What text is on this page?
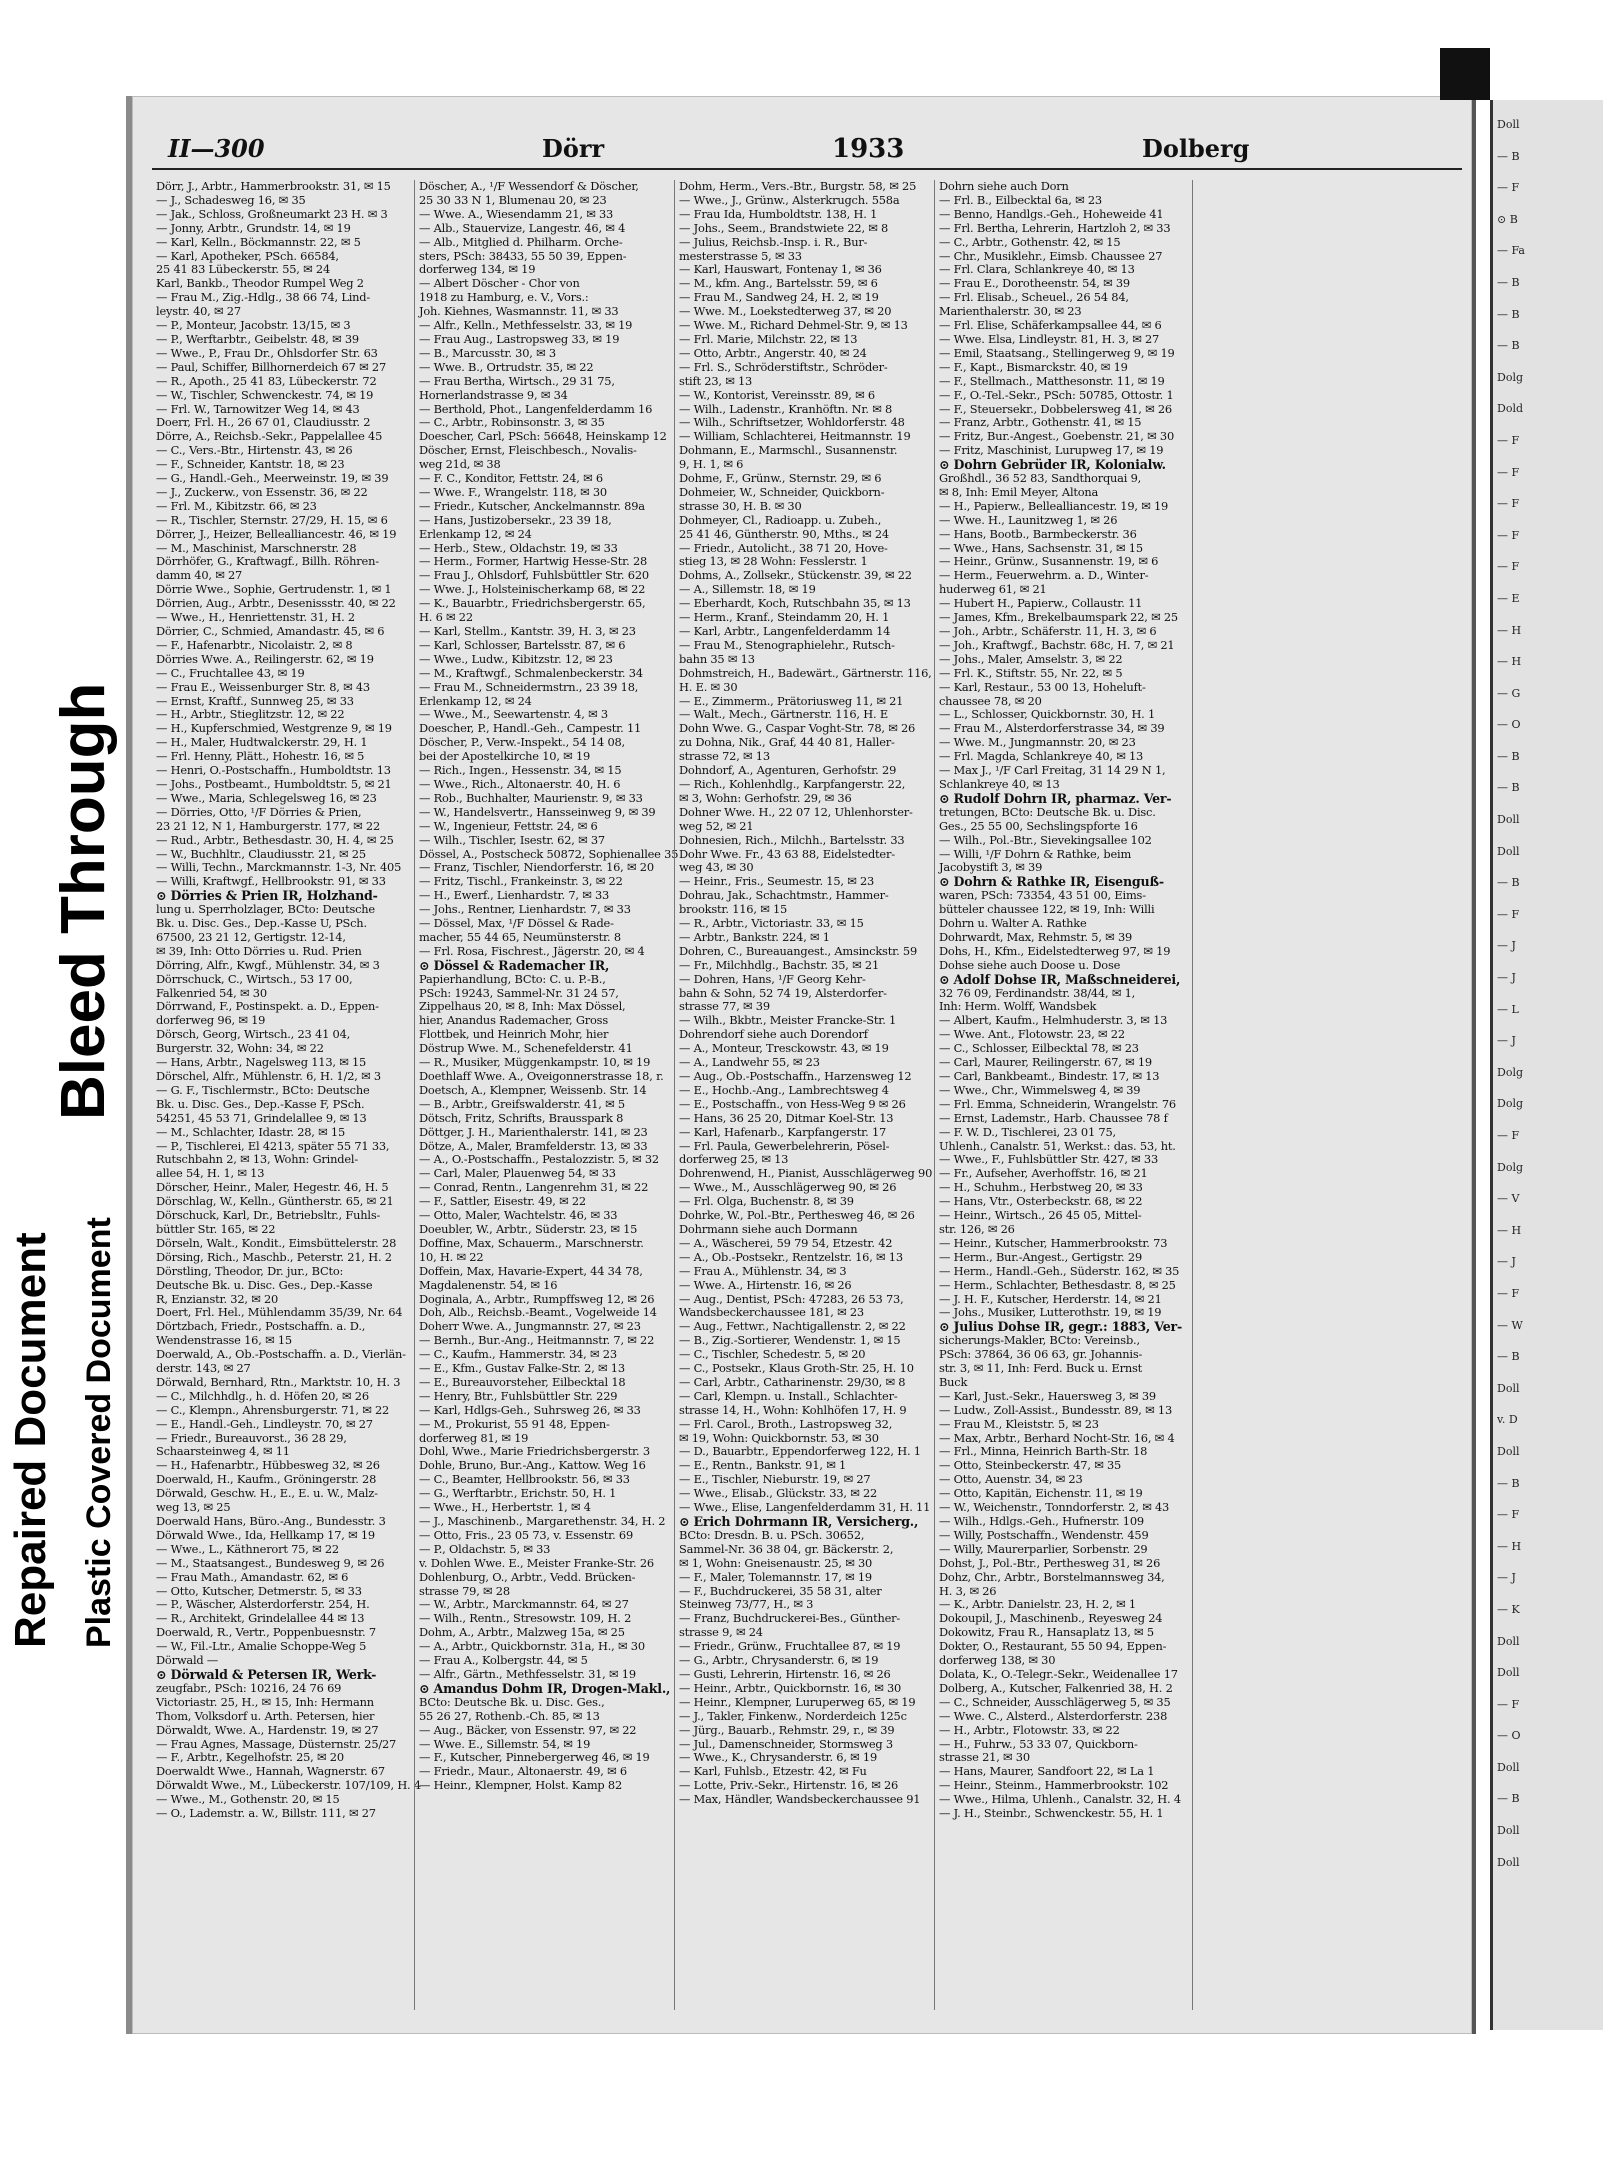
Bleed Through
Repaired Document Plastic Covered Document
II—300	Dörr	1933	Dolberg
Dörr, J., Arbtr., Hammerbrookstr. 31, ✉ 15
— J., Schadesweg 16, ✉ 35
— Jak., Schloss, Großneumarkt 23 H. ✉ 3
— Jonny, Arbtr., Grundstr. 14, ✉ 19
— Karl, Kelln., Böckmannstr. 22, ✉ 5
— Karl, Apotheker, PSch. 66584,
25 41 83 Lübeckerstr. 55, ✉ 24
Karl, Bankb., Theodor Rumpel Weg 2
— Frau M., Zig.-Hdlg., 38 66 74, Lind-
leystr. 40, ✉ 27
— P., Monteur, Jacobstr. 13/15, ✉ 3
— P., Werftarbtr., Geibelstr. 48, ✉ 39
— Wwe., P., Frau Dr., Ohlsdorfer Str. 63
— Paul, Schiffer, Billhornerdeich 67 ✉ 27
— R., Apoth., 25 41 83, Lübeckerstr. 72
— W., Tischler, Schwenckestr. 74, ✉ 19
— Frl. W., Tarnowitzer Weg 14, ✉ 43
Doerr, Frl. H., 26 67 01, Claudiusstr. 2
Dörre, A., Reichsb.-Sekr., Pappelallee 45
— C., Vers.-Btr., Hirtenstr. 43, ✉ 26
— F., Schneider, Kantstr. 18, ✉ 23
— G., Handl.-Geh., Meerweinstr. 19, ✉ 39
— J., Zuckerw., von Essenstr. 36, ✉ 22
— Frl. M., Kibitzstr. 66, ✉ 23
— R., Tischler, Sternstr. 27/29, H. 15, ✉ 6
Dörrer, J., Heizer, Bellealliancestr. 46, ✉ 19
— M., Maschinist, Marschnerstr. 28
Dörrhöfer, G., Kraftwagf., Billh. Röhren-
damm 40, ✉ 27
Dörrie Wwe., Sophie, Gertrudenstr. 1, ✉ 1
Dörrien, Aug., Arbtr., Desenissstr. 40, ✉ 22
— Wwe., H., Henriettenstr. 31, H. 2
Dörrier, C., Schmied, Amandastr. 45, ✉ 6
— F., Hafenarbtr., Nicolaistr. 2, ✉ 8
Dörries Wwe. A., Reilingerstr. 62, ✉ 19
— C., Fruchtallee 43, ✉ 19
— Frau E., Weissenburger Str. 8, ✉ 43
— Ernst, Kraftf., Sunnweg 25, ✉ 33
— H., Arbtr., Stieglitzstr. 12, ✉ 22
— H., Kupferschmied, Westgrenze 9, ✉ 19
— H., Maler, Hudtwalckerstr. 29, H. 1
— Frl. Henny, Plätt., Hohestr. 16, ✉ 5
— Henri, O.-Postschaffn., Humboldtstr. 13
— Johs., Postbeamt., Humboldtstr. 5, ✉ 21
— Wwe., Maria, Schlegelsweg 16, ✉ 23
— Dörries, Otto, ¹/F Dörries & Prien,
23 21 12, N 1, Hamburgerstr. 177, ✉ 22
— Rud., Arbtr., Bethesdastr. 30, H. 4, ✉ 25
— W., Buchhltr., Claudiusstr. 21, ✉ 25
— Willi, Techn., Marckmannstr. 1-3, Nr. 405
— Willi, Kraftwgf., Hellbrookstr. 91, ✉ 33
⊙ Dörries & Prien IR, Holzhand-
lung u. Sperrholzlager, BCto: Deutsche
Bk. u. Disc. Ges., Dep.-Kasse U, PSch.
67500, 23 21 12, Gertigstr. 12-14,
✉ 39, Inh: Otto Dörries u. Rud. Prien
Dörring, Alfr., Kwgf., Mühlenstr. 34, ✉ 3
Dörrschuck, C., Wirtsch., 53 17 00,
Falkenried 54, ✉ 30
Dörrwand, F., Postinspekt. a. D., Eppen-
dorferweg 96, ✉ 19
Dörsch, Georg, Wirtsch., 23 41 04,
Burgerstr. 32, Wohn: 34, ✉ 22
— Hans, Arbtr., Nagelsweg 113, ✉ 15
Dörschel, Alfr., Mühlenstr. 6, H. 1/2, ✉ 3
— G. F., Tischlermstr., BCto: Deutsche
Bk. u. Disc. Ges., Dep.-Kasse F, PSch.
54251, 45 53 71, Grindelallee 9, ✉ 13
— M., Schlachter, Idastr. 28, ✉ 15
— P., Tischlerei, El 4213, später 55 71 33,
Rutschbahn 2, ✉ 13, Wohn: Grindel-
allee 54, H. 1, ✉ 13
Dörscher, Heinr., Maler, Hegestr. 46, H. 5
Dörschlag, W., Kelln., Güntherstr. 65, ✉ 21
Dörschuck, Karl, Dr., Betriebsltr., Fuhls-
büttler Str. 165, ✉ 22
Dörseln, Walt., Kondit., Eimsbüttelerstr. 28
Dörsing, Rich., Maschb., Peterstr. 21, H. 2
Dörstling, Theodor, Dr. jur., BCto:
Deutsche Bk. u. Disc. Ges., Dep.-Kasse
R, Enzianstr. 32, ✉ 20
Doert, Frl. Hel., Mühlendamm 35/39, Nr. 64
Dörtzbach, Friedr., Postschaffn. a. D.,
Wendenstrasse 16, ✉ 15
Doerwald, A., Ob.-Postschaffn. a. D., Vierlän-
derstr. 143, ✉ 27
Dörwald, Bernhard, Rtn., Marktstr. 10, H. 3
— C., Milchhdlg., h. d. Höfen 20, ✉ 26
— C., Klempn., Ahrensburgerstr. 71, ✉ 22
— E., Handl.-Geh., Lindleystr. 70, ✉ 27
— Friedr., Bureauvorst., 36 28 29,
Schaarsteinweg 4, ✉ 11
— H., Hafenarbtr., Hübbesweg 32, ✉ 26
Doerwald, H., Kaufm., Gröningerstr. 28
Dörwald, Geschw. H., E., E. u. W., Malz-
weg 13, ✉ 25
Doerwald Hans, Büro.-Ang., Bundesstr. 3
Dörwald Wwe., Ida, Hellkamp 17, ✉ 19
— Wwe., L., Käthnerort 75, ✉ 22
— M., Staatsangest., Bundesweg 9, ✉ 26
— Frau Math., Amandastr. 62, ✉ 6
— Otto, Kutscher, Detmerstr. 5, ✉ 33
— P., Wäscher, Alsterdorferstr. 254, H.
— R., Architekt, Grindelallee 44 ✉ 13
Doerwald, R., Vertr., Poppenbuesnstr. 7
— W., Fil.-Ltr., Amalie Schoppe-Weg 5
Dörwald —
⊙ Dörwald & Petersen IR, Werk-
zeugfabr., PSch: 10216, 24 76 69
Victoriastr. 25, H., ✉ 15, Inh: Hermann
Thom, Volksdorf u. Arth. Petersen, hier
Dörwaldt, Wwe. A., Hardenstr. 19, ✉ 27
— Frau Agnes, Massage, Düsternstr. 25/27
— F., Arbtr., Kegelhofstr. 25, ✉ 20
Doerwaldt Wwe., Hannah, Wagnerstr. 67
Dörwaldt Wwe., M., Lübeckerstr. 107/109, H. 4
— Wwe., M., Gothenstr. 20, ✉ 15
— O., Lademstr. a. W., Billstr. 111, ✉ 27
Döscher, A., ¹/F Wessendorf & Döscher,
25 30 33 N 1, Blumenau 20, ✉ 23
— Wwe. A., Wiesendamm 21, ✉ 33
— Alb., Stauervize, Langestr. 46, ✉ 4
— Alb., Mitglied d. Philharm. Orche-
sters, PSch: 38433, 55 50 39, Eppen-
dorferweg 134, ✉ 19
— Albert Döscher - Chor von
1918 zu Hamburg, e. V., Vors.:
Joh. Kiehnes, Wasmannstr. 11, ✉ 33
— Alfr., Kelln., Methfesselstr. 33, ✉ 19
— Frau Aug., Lastropsweg 33, ✉ 19
— B., Marcusstr. 30, ✉ 3
— Wwe. B., Ortrudstr. 35, ✉ 22
— Frau Bertha, Wirtsch., 29 31 75,
Hornerlandstrasse 9, ✉ 34
— Berthold, Phot., Langenfelderdamm 16
— C., Arbtr., Robinsonstr. 3, ✉ 35
Doescher, Carl, PSch: 56648, Heinskamp 12
Döscher, Ernst, Fleischbesch., Novalis-
weg 21d, ✉ 38
— F. C., Konditor, Fettstr. 24, ✉ 6
— Wwe. F., Wrangelstr. 118, ✉ 30
— Friedr., Kutscher, Anckelmannstr. 89a
— Hans, Justizobersekr., 23 39 18,
Erlenkamp 12, ✉ 24
— Herb., Stew., Oldachstr. 19, ✉ 33
— Herm., Former, Hartwig Hesse-Str. 28
— Frau J., Ohlsdorf, Fuhlsbüttler Str. 620
— Wwe. J., Holsteinischerkamp 68, ✉ 22
— K., Bauarbtr., Friedrichsbergerstr. 65,
H. 6 ✉ 22
— Karl, Stellm., Kantstr. 39, H. 3, ✉ 23
— Karl, Schlosser, Bartelsstr. 87, ✉ 6
— Wwe., Ludw., Kibitzstr. 12, ✉ 23
— M., Kraftwgf., Schmalenbeckerstr. 34
— Frau M., Schneidermstrn., 23 39 18,
Erlenkamp 12, ✉ 24
— Wwe., M., Seewartenstr. 4, ✉ 3
Doescher, P., Handl.-Geh., Campestr. 11
Döscher, P., Verw.-Inspekt., 54 14 08,
bei der Apostelkirche 10, ✉ 19
— Rich., Ingen., Hessenstr. 34, ✉ 15
— Wwe., Rich., Altonaerstr. 40, H. 6
— Rob., Buchhalter, Maurienstr. 9, ✉ 33
— W., Handelsvertr., Hansseinweg 9, ✉ 39
— W., Ingenieur, Fettstr. 24, ✉ 6
— Wilh., Tischler, Isestr. 62, ✉ 37
Dössel, A., Postscheck 50872, Sophienallee 35
— Franz, Tischler, Niendorferstr. 16, ✉ 20
— Fritz, Tischl., Frankeinstr. 3, ✉ 22
— H., Ewerf., Lienhardstr. 7, ✉ 33
— Johs., Rentner, Lienhardstr. 7, ✉ 33
— Dössel, Max, ¹/F Dössel & Rade-
macher, 55 44 65, Neumünsterstr. 8
— Frl. Rosa, Fischrest., Jägerstr. 20, ✉ 4
⊙ Dössel & Rademacher IR,
Papierhandlung, BCto: C. u. P.-B.,
PSch: 19243, Sammel-Nr. 31 24 57,
Zippelhaus 20, ✉ 8, Inh: Max Dössel,
hier, Anandus Rademacher, Gross
Flottbek, und Heinrich Mohr, hier
Döstrup Wwe. M., Schenefelderstr. 41
— R., Musiker, Müggenkampstr. 10, ✉ 19
Doethlaff Wwe. A., Oveigonnerstrasse 18, r.
Doetsch, A., Klempner, Weissenb. Str. 14
— B., Arbtr., Greifswalderstr. 41, ✉ 5
Dötsch, Fritz, Schrifts, Brausspark 8
Döttger, J. H., Marienthalerstr. 141, ✉ 23
Dötze, A., Maler, Bramfelderstr. 13, ✉ 33
— A., O.-Postschaffn., Pestalozzistr. 5, ✉ 32
— Carl, Maler, Plauenweg 54, ✉ 33
— Conrad, Rentn., Langenrehm 31, ✉ 22
— F., Sattler, Eisestr. 49, ✉ 22
— Otto, Maler, Wachtelstr. 46, ✉ 33
Doeubler, W., Arbtr., Süderstr. 23, ✉ 15
Doffine, Max, Schauerm., Marschnerstr.
10, H. ✉ 22
Doffein, Max, Havarie-Expert, 44 34 78,
Magdalenenstr. 54, ✉ 16
Doginala, A., Arbtr., Rumpffsweg 12, ✉ 26
Doh, Alb., Reichsb.-Beamt., Vogelweide 14
Doherr Wwe. A., Jungmannstr. 27, ✉ 23
— Bernh., Bur.-Ang., Heitmannstr. 7, ✉ 22
— C., Kaufm., Hammerstr. 34, ✉ 23
— E., Kfm., Gustav Falke-Str. 2, ✉ 13
— E., Bureauvorsteher, Eilbecktal 18
— Henry, Btr., Fuhlsbüttler Str. 229
— Karl, Hdlgs-Geh., Suhrsweg 26, ✉ 33
— M., Prokurist, 55 91 48, Eppen-
dorferweg 81, ✉ 19
Dohl, Wwe., Marie Friedrichsbergerstr. 3
Dohle, Bruno, Bur.-Ang., Kattow. Weg 16
— C., Beamter, Hellbrookstr. 56, ✉ 33
— G., Werftarbtr., Erichstr. 50, H. 1
— Wwe., H., Herbertstr. 1, ✉ 4
— J., Maschinenb., Margarethenstr. 34, H. 2
— Otto, Fris., 23 05 73, v. Essenstr. 69
— P., Oldachstr. 5, ✉ 33
v. Dohlen Wwe. E., Meister Franke-Str. 26
Dohlenburg, O., Arbtr., Vedd. Brücken-
strasse 79, ✉ 28
— W., Arbtr., Marckmannstr. 64, ✉ 27
— Wilh., Rentn., Stresowstr. 109, H. 2
Dohm, A., Arbtr., Malzweg 15a, ✉ 25
— A., Arbtr., Quickbornstr. 31a, H., ✉ 30
— Frau A., Kolbergstr. 44, ✉ 5
— Alfr., Gärtn., Methfesselstr. 31, ✉ 19
⊙ Amandus Dohm IR, Drogen-Makl.,
BCto: Deutsche Bk. u. Disc. Ges.,
55 26 27, Rothenb.-Ch. 85, ✉ 13
— Aug., Bäcker, von Essenstr. 97, ✉ 22
— Wwe. E., Sillemstr. 54, ✉ 19
— F., Kutscher, Pinnebergerweg 46, ✉ 19
— Friedr., Maur., Altonaerstr. 49, ✉ 6
— Heinr., Klempner, Holst. Kamp 82
Dohm, Herm., Vers.-Btr., Burgstr. 58, ✉ 25
— Wwe., J., Grünw., Alsterkrugch. 558a
— Frau Ida, Humboldtstr. 138, H. 1
— Johs., Seem., Brandstwiete 22, ✉ 8
— Julius, Reichsb.-Insp. i. R., Bur-
mesterstrasse 5, ✉ 33
— Karl, Hauswart, Fontenay 1, ✉ 36
— M., kfm. Ang., Bartelsstr. 59, ✉ 6
— Frau M., Sandweg 24, H. 2, ✉ 19
— Wwe. M., Loekstedterweg 37, ✉ 20
— Wwe. M., Richard Dehmel-Str. 9, ✉ 13
— Frl. Marie, Milchstr. 22, ✉ 13
— Otto, Arbtr., Angerstr. 40, ✉ 24
— Frl. S., Schröderstiftstr., Schröder-
stift 23, ✉ 13
— W., Kontorist, Vereinsstr. 89, ✉ 6
— Wilh., Ladenstr., Kranhöftn. Nr. ✉ 8
— Wilh., Schriftsetzer, Wohldorferstr. 48
— William, Schlachterei, Heitmannstr. 19
Dohmann, E., Marmschl., Susannenstr.
9, H. 1, ✉ 6
Dohme, F., Grünw., Sternstr. 29, ✉ 6
Dohmeier, W., Schneider, Quickborn-
strasse 30, H. B. ✉ 30
Dohmeyer, Cl., Radioapp. u. Zubeh.,
25 41 46, Güntherstr. 90, Mths., ✉ 24
— Friedr., Autolicht., 38 71 20, Hove-
stieg 13, ✉ 28 Wohn: Fesslerstr. 1
Dohms, A., Zollsekr., Stückenstr. 39, ✉ 22
— A., Sillemstr. 18, ✉ 19
— Eberhardt, Koch, Rutschbahn 35, ✉ 13
— Herm., Kranf., Steindamm 20, H. 1
— Karl, Arbtr., Langenfelderdamm 14
— Frau M., Stenographielehr., Rutsch-
bahn 35 ✉ 13
Dohmstreich, H., Badewärt., Gärtnerstr. 116,
H. E. ✉ 30
— E., Zimmerm., Prätoriusweg 11, ✉ 21
— Walt., Mech., Gärtnerstr. 116, H. E
Dohn Wwe. G., Caspar Voght-Str. 78, ✉ 26
zu Dohna, Nik., Graf, 44 40 81, Haller-
strasse 72, ✉ 13
Dohndorf, A., Agenturen, Gerhofstr. 29
— Rich., Kohlenhdlg., Karpfangerstr. 22,
✉ 3, Wohn: Gerhofstr. 29, ✉ 36
Dohner Wwe. H., 22 07 12, Uhlenhorster-
weg 52, ✉ 21
Dohnesien, Rich., Milchh., Bartelsstr. 33
Dohr Wwe. Fr., 43 63 88, Eidelstedter-
weg 43, ✉ 30
— Heinr., Fris., Seumestr. 15, ✉ 23
Dohrau, Jak., Schachtmstr., Hammer-
brookstr. 116, ✉ 15
— R., Arbtr., Victoriastr. 33, ✉ 15
— Arbtr., Bankstr. 224, ✉ 1
Dohren, C., Bureauangest., Amsinckstr. 59
— Fr., Milchhdlg., Bachstr. 35, ✉ 21
— Dohren, Hans, ¹/F Georg Kehr-
bahn & Sohn, 52 74 19, Alsterdorfer-
strasse 77, ✉ 39
— Wilh., Bkbtr., Meister Francke-Str. 1
Dohrendorf siehe auch Dorendorf
— A., Monteur, Tresckowstr. 43, ✉ 19
— A., Landwehr 55, ✉ 23
— Aug., Ob.-Postschaffn., Harzensweg 12
— E., Hochb.-Ang., Lambrechtsweg 4
— E., Postschaffn., von Hess-Weg 9 ✉ 26
— Hans, 36 25 20, Ditmar Koel-Str. 13
— Karl, Hafenarb., Karpfangerstr. 17
— Frl. Paula, Gewerbelehrerin, Pösel-
dorferweg 25, ✉ 13
Dohrenwend, H., Pianist, Ausschlägerweg 90
— Wwe., M., Ausschlägerweg 90, ✉ 26
— Frl. Olga, Buchenstr. 8, ✉ 39
Dohrke, W., Pol.-Btr., Perthesweg 46, ✉ 26
Dohrmann siehe auch Dormann
— A., Wäscherei, 59 79 54, Etzestr. 42
— A., Ob.-Postsekr., Rentzelstr. 16, ✉ 13
— Frau A., Mühlenstr. 34, ✉ 3
— Wwe. A., Hirtenstr. 16, ✉ 26
— Aug., Dentist, PSch: 47283, 26 53 73,
Wandsbeckerchaussee 181, ✉ 23
— Aug., Fettwr., Nachtigallenstr. 2, ✉ 22
— B., Zig.-Sortierer, Wendenstr. 1, ✉ 15
— C., Tischler, Schedestr. 5, ✉ 20
— C., Postsekr., Klaus Groth-Str. 25, H. 10
— Carl, Arbtr., Catharinenstr. 29/30, ✉ 8
— Carl, Klempn. u. Install., Schlachter-
strasse 14, H., Wohn: Kohlhöfen 17, H. 9
— Frl. Carol., Broth., Lastropsweg 32,
✉ 19, Wohn: Quickbornstr. 53, ✉ 30
— D., Bauarbtr., Eppendorferweg 122, H. 1
— E., Rentn., Bankstr. 91, ✉ 1
— E., Tischler, Nieburstr. 19, ✉ 27
— Wwe., Elisab., Glückstr. 33, ✉ 22
— Wwe., Elise, Langenfelderdamm 31, H. 11
⊙ Erich Dohrmann IR, Versicherg.,
BCto: Dresdn. B. u. PSch. 30652,
Sammel-Nr. 36 38 04, gr. Bäckerstr. 2,
✉ 1, Wohn: Gneisenaustr. 25, ✉ 30
— F., Maler, Tolemannstr. 17, ✉ 19
— F., Buchdruckerei, 35 58 31, alter
Steinweg 73/77, H., ✉ 3
— Franz, Buchdruckerei-Bes., Günther-
strasse 9, ✉ 24
— Friedr., Grünw., Fruchtallee 87, ✉ 19
— G., Arbtr., Chrysanderstr. 6, ✉ 19
— Gusti, Lehrerin, Hirtenstr. 16, ✉ 26
— Heinr., Arbtr., Quickbornstr. 16, ✉ 30
— Heinr., Klempner, Luruperweg 65, ✉ 19
— J., Takler, Finkenw., Norderdeich 125c
— Jürg., Bauarb., Rehmstr. 29, r., ✉ 39
— Jul., Damenschneider, Stormsweg 3
— Wwe., K., Chrysanderstr. 6, ✉ 19
— Karl, Fuhlsb., Etzestr. 42, ✉ Fu
— Lotte, Priv.-Sekr., Hirtenstr. 16, ✉ 26
— Max, Händler, Wandsbeckerchaussee 91
Dohrn siehe auch Dorn
— Frl. B., Eilbecktal 6a, ✉ 23
— Benno, Handlgs.-Geh., Hoheweide 41
— Frl. Bertha, Lehrerin, Hartzloh 2, ✉ 33
— C., Arbtr., Gothenstr. 42, ✉ 15
— Chr., Musiklehr., Eimsb. Chaussee 27
— Frl. Clara, Schlankreye 40, ✉ 13
— Frau E., Dorotheenstr. 54, ✉ 39
— Frl. Elisab., Scheuel., 26 54 84,
Marienthalerstr. 30, ✉ 23
— Frl. Elise, Schäferkampsallee 44, ✉ 6
— Wwe. Elsa, Lindleystr. 81, H. 3, ✉ 27
— Emil, Staatsang., Stellingerweg 9, ✉ 19
— F., Kapt., Bismarckstr. 40, ✉ 19
— F., Stellmach., Matthesonstr. 11, ✉ 19
— F., O.-Tel.-Sekr., PSch: 50785, Ottostr. 1
— F., Steuersekr., Dobbelersweg 41, ✉ 26
— Franz, Arbtr., Gothenstr. 41, ✉ 15
— Fritz, Bur.-Angest., Goebenstr. 21, ✉ 30
— Fritz, Maschinist, Lurupweg 17, ✉ 19
⊙ Dohrn Gebrüder IR, Kolonialw.
Großhdl., 36 52 83, Sandthorquai 9,
✉ 8, Inh: Emil Meyer, Altona
— H., Papierw., Bellealliancestr. 19, ✉ 19
— Wwe. H., Launitzweg 1, ✉ 26
— Hans, Bootb., Barmbeckerstr. 36
— Wwe., Hans, Sachsenstr. 31, ✉ 15
— Heinr., Grünw., Susannenstr. 19, ✉ 6
— Herm., Feuerwehrm. a. D., Winter-
huderweg 61, ✉ 21
— Hubert H., Papierw., Collaustr. 11
— James, Kfm., Brekelbaumspark 22, ✉ 25
— Joh., Arbtr., Schäferstr. 11, H. 3, ✉ 6
— Joh., Kraftwgf., Bachstr. 68c, H. 7, ✉ 21
— Johs., Maler, Amselstr. 3, ✉ 22
— Frl. K., Stiftstr. 55, Nr. 22, ✉ 5
— Karl, Restaur., 53 00 13, Hoheluft-
chaussee 78, ✉ 20
— L., Schlosser, Quickbornstr. 30, H. 1
— Frau M., Alsterdorferstrasse 34, ✉ 39
— Wwe. M., Jungmannstr. 20, ✉ 23
— Frl. Magda, Schlankreye 40, ✉ 13
— Max J., ¹/F Carl Freitag, 31 14 29 N 1,
Schlankreye 40, ✉ 13
⊙ Rudolf Dohrn IR, pharmaz. Ver-
tretungen, BCto: Deutsche Bk. u. Disc.
Ges., 25 55 00, Sechslingspforte 16
— Wilh., Pol.-Btr., Sievekingsallee 102
— Willi, ¹/F Dohrn & Rathke, beim
Jacobystift 3, ✉ 39
⊙ Dohrn & Rathke IR, Eisenguß-
waren, PSch: 73354, 43 51 00, Eims-
bütteler chaussee 122, ✉ 19, Inh: Willi
Dohrn u. Walter A. Rathke
Dohrwardt, Max, Rehmstr. 5, ✉ 39
Dohs, H., Kfm., Eidelstedterweg 97, ✉ 19
Dohse siehe auch Doose u. Dose
⊙ Adolf Dohse IR, Maßschneiderei,
32 76 09, Ferdinandstr. 38/44, ✉ 1,
Inh: Herm. Wolff, Wandsbek
— Albert, Kaufm., Helmhuderstr. 3, ✉ 13
— Wwe. Ant., Flotowstr. 23, ✉ 22
— C., Schlosser, Eilbecktal 78, ✉ 23
— Carl, Maurer, Reilingerstr. 67, ✉ 19
— Carl, Bankbeamt., Bindestr. 17, ✉ 13
— Wwe., Chr., Wimmelsweg 4, ✉ 39
— Frl. Emma, Schneiderin, Wrangelstr. 76
— Ernst, Lademstr., Harb. Chaussee 78 f
— F. W. D., Tischlerei, 23 01 75,
Uhlenh., Canalstr. 51, Werkst.: das. 53, ht.
— Wwe., F., Fuhlsbüttler Str. 427, ✉ 33
— Fr., Aufseher, Averhoffstr. 16, ✉ 21
— H., Schuhm., Herbstweg 20, ✉ 33
— Hans, Vtr., Osterbeckstr. 68, ✉ 22
— Heinr., Wirtsch., 26 45 05, Mittel-
str. 126, ✉ 26
— Heinr., Kutscher, Hammerbrookstr. 73
— Herm., Bur.-Angest., Gertigstr. 29
— Herm., Handl.-Geh., Süderstr. 162, ✉ 35
— Herm., Schlachter, Bethesdastr. 8, ✉ 25
— J. H. F., Kutscher, Herderstr. 14, ✉ 21
— Johs., Musiker, Lutterothstr. 19, ✉ 19
⊙ Julius Dohse IR, gegr.: 1883, Ver-
sicherungs-Makler, BCto: Vereinsb.,
PSch: 37864, 36 06 63, gr. Johannis-
str. 3, ✉ 11, Inh: Ferd. Buck u. Ernst
Buck
— Karl, Just.-Sekr., Hauersweg 3, ✉ 39
— Ludw., Zoll-Assist., Bundesstr. 89, ✉ 13
— Frau M., Kleiststr. 5, ✉ 23
— Max, Arbtr., Berhard Nocht-Str. 16, ✉ 4
— Frl., Minna, Heinrich Barth-Str. 18
— Otto, Steinbeckerstr. 47, ✉ 35
— Otto, Auenstr. 34, ✉ 23
— Otto, Kapitän, Eichenstr. 11, ✉ 19
— W., Weichenstr., Tonndorferstr. 2, ✉ 43
— Wilh., Hdlgs.-Geh., Hufnerstr. 109
— Willy, Postschaffn., Wendenstr. 459
— Willy, Maurerparlier, Sorbenstr. 29
Dohst, J., Pol.-Btr., Perthesweg 31, ✉ 26
Dohz, Chr., Arbtr., Borstelmannsweg 34,
H. 3, ✉ 26
— K., Arbtr. Danielstr. 23, H. 2, ✉ 1
Dokoupil, J., Maschinenb., Reyesweg 24
Dokowitz, Frau R., Hansaplatz 13, ✉ 5
Dokter, O., Restaurant, 55 50 94, Eppen-
dorferweg 138, ✉ 30
Dolata, K., O.-Telegr.-Sekr., Weidenallee 17
Dolberg, A., Kutscher, Falkenried 38, H. 2
— C., Schneider, Ausschlägerweg 5, ✉ 35
— Wwe. C., Alsterd., Alsterdorferstr. 238
— H., Arbtr., Flotowstr. 33, ✉ 22
— H., Fuhrw., 53 33 07, Quickborn-
strasse 21, ✉ 30
— Hans, Maurer, Sandfoort 22, ✉ La 1
— Heinr., Steinm., Hammerbrookstr. 102
— Wwe., Hilma, Uhlenh., Canalstr. 32, H. 4
— J. H., Steinbr., Schwenckestr. 55, H. 1
Doll
— B
— F
⊙ B
— Fa
— B
— B
— B
Dolg
Dold
— F
— F
— F
— F
— F
— E
— H
— H
— G
— O
— B
— B
Doll
Doll
— B
— F
— J
— J
— L
— J
Dolg
Dolg
— F
Dolg
— V
— H
— J
— F
— W
— B
Doll
v. D
Doll
— B
— F
— H
— J
— K
Doll
Doll
— F
— O
Doll
— B
Doll
Doll
